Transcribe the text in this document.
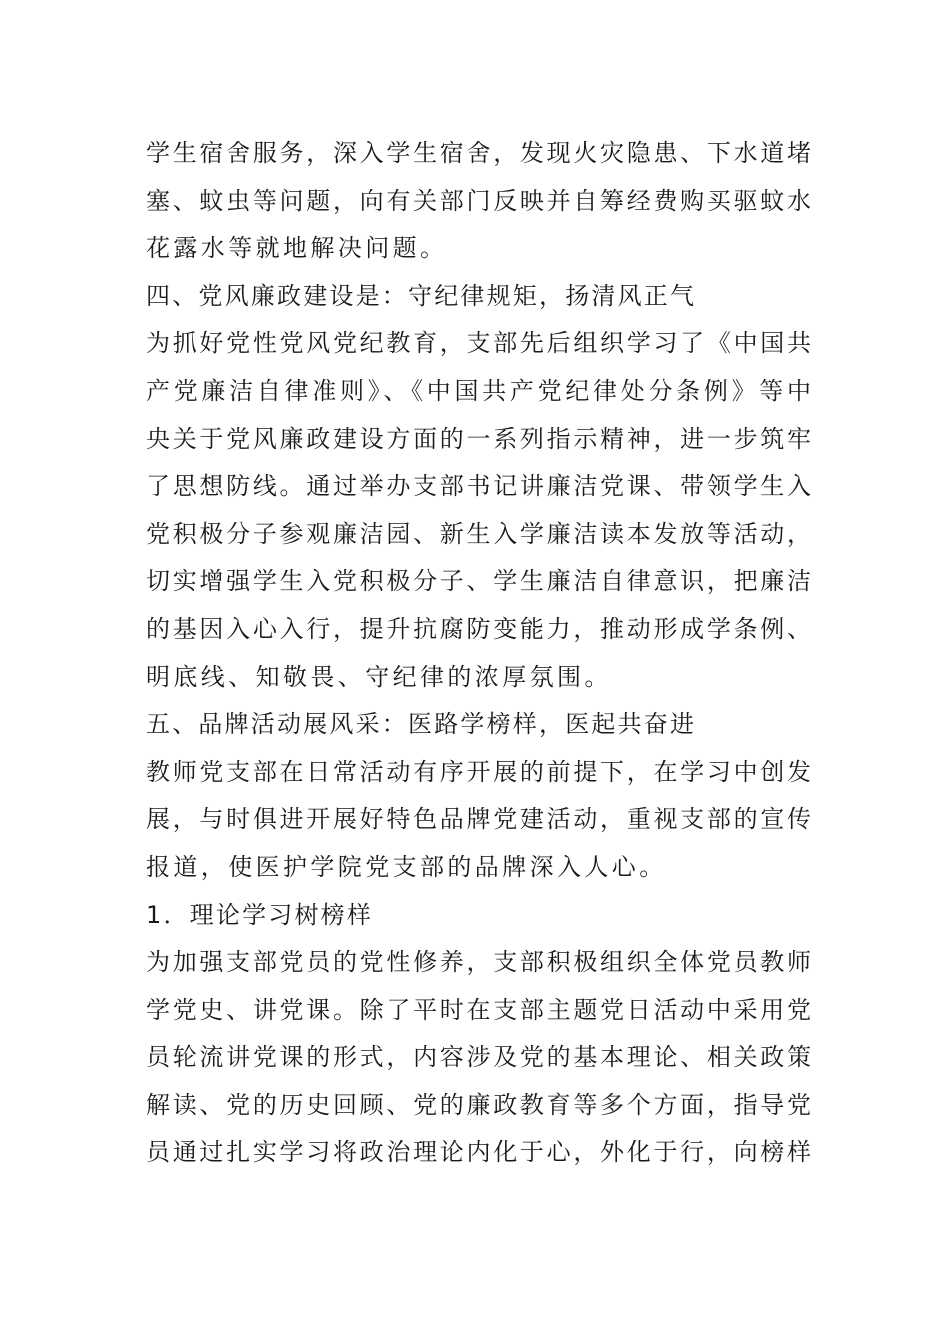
学生宿舍服务，深入学生宿舍，发现火灾隐患、下水道堵
塞、蚊虫等问题，向有关部门反映并自筹经费购买驱蚊水
花露水等就地解决问题。
四、党风廉政建设是：守纪律规矩，扬清风正气
为抓好党性党风党纪教育，支部先后组织学习了《中国共
产党廉洁自律准则》、《中国共产党纪律处分条例》等中
央关于党风廉政建设方面的一系列指示精神，进一步筑牢
了思想防线。通过举办支部书记讲廉洁党课、带领学生入
党积极分子参观廉洁园、新生入学廉洁读本发放等活动，
切实增强学生入党积极分子、学生廉洁自律意识，把廉洁
的基因入心入行，提升抗腐防变能力，推动形成学条例、
明底线、知敬畏、守纪律的浓厚氛围。
五、品牌活动展风采：医路学榜样，医起共奋进
教师党支部在日常活动有序开展的前提下，在学习中创发
展，与时俱进开展好特色品牌党建活动，重视支部的宣传
报道，使医护学院党支部的品牌深入人心。
1．理论学习树榜样
为加强支部党员的党性修养，支部积极组织全体党员教师
学党史、讲党课。除了平时在支部主题党日活动中采用党
员轮流讲党课的形式，内容涉及党的基本理论、相关政策
解读、党的历史回顾、党的廉政教育等多个方面，指导党
员通过扎实学习将政治理论内化于心，外化于行，向榜样
